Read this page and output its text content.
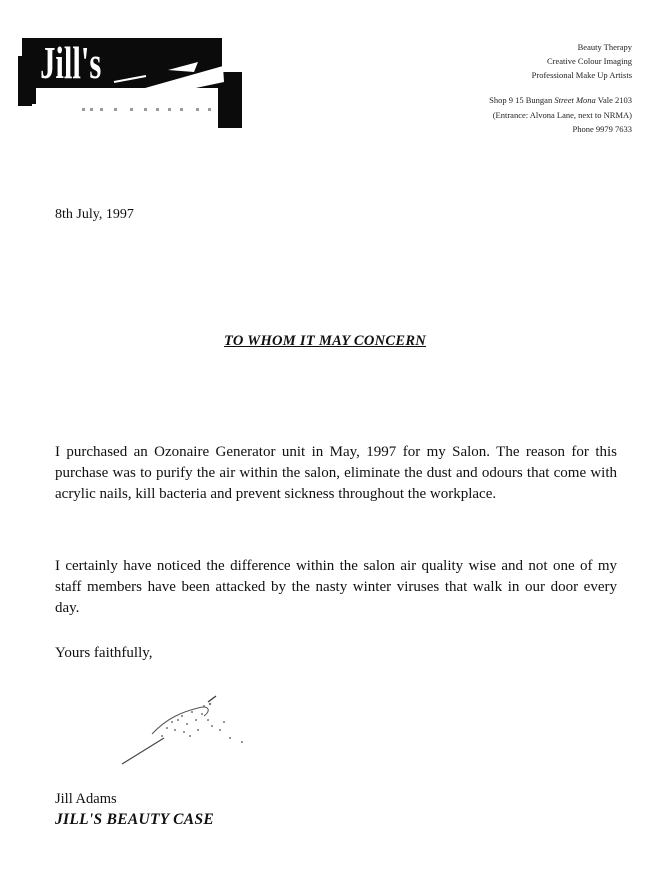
Jill's	Beauty Therapy
Creative Colour Imaging
Professional Make Up Artists
Shop 9 15 Bungan Street Mona Vale 2103
(Entrance: Alvona Lane, next to NRMA)
Phone 9979 7633
8th July, 1997
TO WHOM IT MAY CONCERN

I purchased an Ozonaire Generator unit in May, 1997 for my Salon. The reason for this purchase was to purify the air within the salon, eliminate the dust and odours that come with acrylic nails, kill bacteria and prevent sickness throughout the workplace.

I certainly have noticed the difference within the salon air quality wise and not one of my staff members have been attacked by the nasty winter viruses that walk in our door every day.

Yours faithfully,
Jill Adams
JILL'S BEAUTY CASE
